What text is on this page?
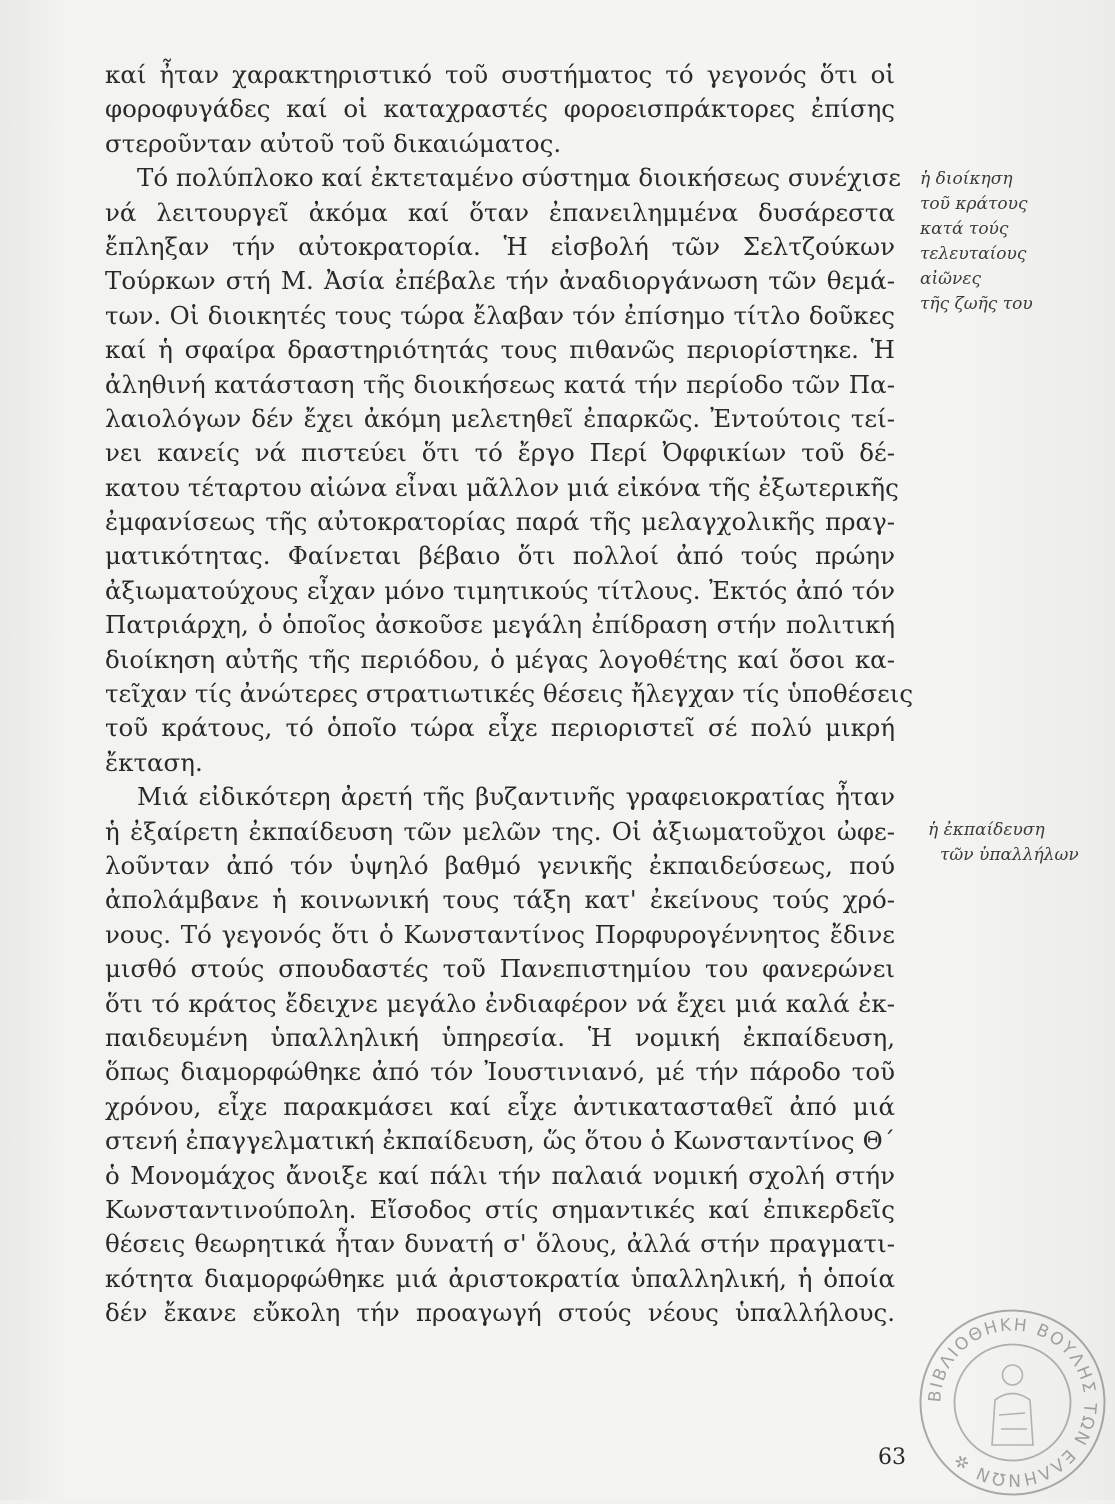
καί ἦταν χαρακτηριστικό τοῦ συστήματος τό γεγονός ὅτι οἱ
φοροφυγάδες καί οἱ καταχραστές φοροεισπράκτορες ἐπίσης
στεροῦνταν αὐτοῦ τοῦ δικαιώματος.
Τό πολύπλοκο καί ἐκτεταμένο σύστημα διοικήσεως συνέχισε
νά λειτουργεῖ ἀκόμα καί ὅταν ἐπανειλημμένα δυσάρεστα
ἔπληξαν τήν αὐτοκρατορία. Ἡ εἰσβολή τῶν Σελτζούκων
Τούρκων στή Μ. Ἀσία ἐπέβαλε τήν ἀναδιοργάνωση τῶν θεμά-
των. Οἱ διοικητές τους τώρα ἔλαβαν τόν ἐπίσημο τίτλο δοῦκες
καί ἡ σφαίρα δραστηριότητάς τους πιθανῶς περιορίστηκε. Ἡ
ἀληθινή κατάσταση τῆς διοικήσεως κατά τήν περίοδο τῶν Πα-
λαιολόγων δέν ἔχει ἀκόμη μελετηθεῖ ἐπαρκῶς. Ἐντούτοις τεί-
νει κανείς νά πιστεύει ὅτι τό ἔργο Περί Ὀφφικίων τοῦ δέ-
κατου τέταρτου αἰώνα εἶναι μᾶλλον μιά εἰκόνα τῆς ἐξωτερικῆς
ἐμφανίσεως τῆς αὐτοκρατορίας παρά τῆς μελαγχολικῆς πραγ-
ματικότητας. Φαίνεται βέβαιο ὅτι πολλοί ἀπό τούς πρώην
ἀξιωματούχους εἶχαν μόνο τιμητικούς τίτλους. Ἐκτός ἀπό τόν
Πατριάρχη, ὁ ὁποῖος ἀσκοῦσε μεγάλη ἐπίδραση στήν πολιτική
διοίκηση αὐτῆς τῆς περιόδου, ὁ μέγας λογοθέτης καί ὅσοι κα-
τεῖχαν τίς ἀνώτερες στρατιωτικές θέσεις ἤλεγχαν τίς ὑποθέσεις
τοῦ κράτους, τό ὁποῖο τώρα εἶχε περιοριστεῖ σέ πολύ μικρή
ἔκταση.
Μιά εἰδικότερη ἀρετή τῆς βυζαντινῆς γραφειοκρατίας ἦταν
ἡ ἐξαίρετη ἐκπαίδευση τῶν μελῶν της. Οἱ ἀξιωματοῦχοι ὠφε-
λοῦνταν ἀπό τόν ὑψηλό βαθμό γενικῆς ἐκπαιδεύσεως, πού
ἀπολάμβανε ἡ κοινωνική τους τάξη κατ' ἐκείνους τούς χρό-
νους. Τό γεγονός ὅτι ὁ Κωνσταντίνος Πορφυρογέννητος ἔδινε
μισθό στούς σπουδαστές τοῦ Πανεπιστημίου του φανερώνει
ὅτι τό κράτος ἔδειχνε μεγάλο ἐνδιαφέρον νά ἔχει μιά καλά ἐκ-
παιδευμένη ὑπαλληλική ὑπηρεσία. Ἡ νομική ἐκπαίδευση,
ὅπως διαμορφώθηκε ἀπό τόν Ἰουστινιανό, μέ τήν πάροδο τοῦ
χρόνου, εἶχε παρακμάσει καί εἶχε ἀντικατασταθεῖ ἀπό μιά
στενή ἐπαγγελματική ἐκπαίδευση, ὥς ὅτου ὁ Κωνσταντίνος Θ΄
ὁ Μονομάχος ἄνοιξε καί πάλι τήν παλαιά νομική σχολή στήν
Κωνσταντινούπολη. Εἴσοδος στίς σημαντικές καί ἐπικερδεῖς
θέσεις θεωρητικά ἦταν δυνατή σ' ὅλους, ἀλλά στήν πραγματι-
κότητα διαμορφώθηκε μιά ἀριστοκρατία ὑπαλληλική, ἡ ὁποία
δέν ἔκανε εὔκολη τήν προαγωγή στούς νέους ὑπαλλήλους.
ἡ διοίκηση
τοῦ κράτους
κατά τούς
τελευταίους
αἰῶνες
τῆς ζωῆς του
ἡ ἐκπαίδευση
τῶν ὑπαλλήλων
63
ΒΙΒΛΙΟΘΗΚΗ ΒΟΥΛΗΣ ΤΩΝ ΕΛΛΗΝΩΝ ✲
